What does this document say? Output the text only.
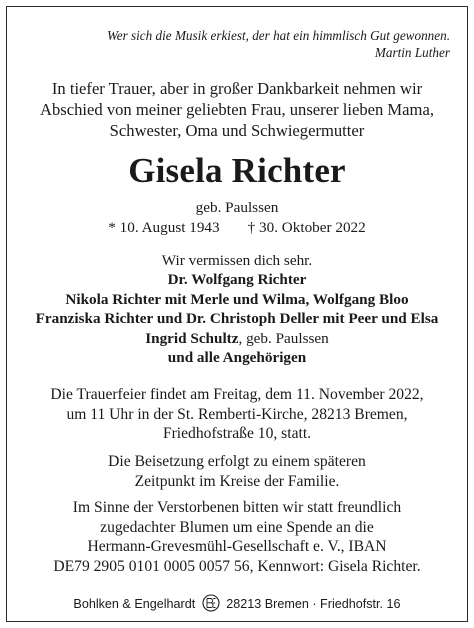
Wer sich die Musik erkiest, der hat ein himmlisch Gut gewonnen.

Martin Luther

In tiefer Trauer, aber in großer Dankbarkeit nehmen wir

Abschied von meiner geliebten Frau, unserer lieben Mama,

Schwester, Oma und Schwiegermutter

Gisela Richter
geb. Paulssen
* 10. August 1943 † 30. Oktober 2022

Wir vermissen dich sehr.

Dr. Wolfgang Richter

Nikola Richter mit Merle und Wilma, Wolfgang Bloo

Franziska Richter und Dr. Christoph Deller mit Peer und Elsa

Ingrid Schultz, geb. Paulssen

und alle Angehörigen

Die Trauerfeier findet am Freitag, dem 11. November 2022,

um 11 Uhr in der St. Remberti-Kirche, 28213 Bremen,

Friedhofstraße 10, statt.

Die Beisetzung erfolgt zu einem späteren

Zeitpunkt im Kreise der Familie.

Im Sinne der Verstorbenen bitten wir statt freundlich

zugedachter Blumen um eine Spende an die

Hermann-Grevesmühl-Gesellschaft e. V., IBAN

DE79 2905 0101 0005 0057 56, Kennwort: Gisela Richter.

Bohlken & Engelhardt 28213 Bremen · Friedhofstr. 16
